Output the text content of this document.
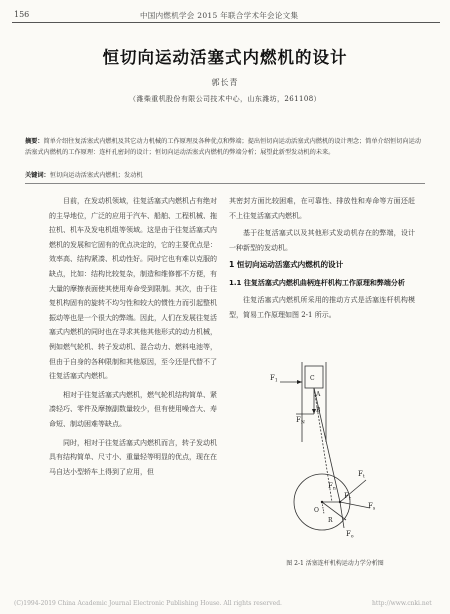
156	中国内燃机学会 2015 年联合学术年会论文集
恒切向运动活塞式内燃机的设计
郭长青
（潍柴重机股份有限公司技术中心，山东潍坊，261108）
摘要：简单介绍往复活塞式内燃机及其它动力机械的工作原理及各种优点和弊端；提出恒切向运动活塞式内燃机的设计理念；简单介绍恒切向运动活塞式内燃机的工作原理：连杆孔密封的设计；恒切向运动活塞式内燃机的弊端分析；展望此新型发动机的未来。
关键词：恒切向运动活塞式内燃机；发动机

目前，在发动机领域，往复活塞式内燃机占有绝对的主导地位，广泛的应用于汽车、船舶、工程机械、拖拉机、机车及发电机组等领域。这是由于往复活塞式内燃机的发展和它固有的优点决定的，它的主要优点是：效率高、结构紧凑、机动性好。同时它也有难以克服的缺点，比如：结构比较复杂，制造和维修都不方便，有大量的摩擦表面使其使用寿命受到限制。其次，由于往复机构固有的旋转不均匀性和较大的惯性力而引起整机振动等也是一个很大的弊端。因此，人们在发展往复活塞式内燃机的同时也在寻求其他其他形式的动力机械，例如燃气轮机、转子发动机、混合动力、燃料电池等，但由于自身的各种限制和其他原因，至今还是代替不了往复活塞式内燃机。

相对于往复活塞式内燃机，燃气轮机结构简单、紧凑轻巧、零件及摩擦副数量较少，但有使用噪音大、寿命短、制动困难等缺点。

同时，相对于往复活塞式内燃机而言，转子发动机具有结构简单、尺寸小、重量轻等明显的优点，现在在马自达小型轿车上得到了应用，但

其密封方面比较困难，在可靠性、排放性和寿命等方面还赶不上往复活塞式内燃机。

基于往复活塞式以及其他形式发动机存在的弊端，设计一种新型的发动机。

1 恒切向运动活塞式内燃机的设计

1.1 往复活塞式内燃机曲柄连杆机构工作原理和弊端分析

往复活塞式内燃机所采用的推动方式是活塞连杆机构模型，简易工作原理如图 2-1 所示。

$F_1$	C
$F_N$
B
A
$F_t$
$F_n$
$F_r$
O
$F_s$
R
$F_o$
图 2-1 活塞连杆机构运动力学分析图
(C)1994-2019 China Academic Journal Electronic Publishing House. All rights reserved.	http://www.cnki.net
